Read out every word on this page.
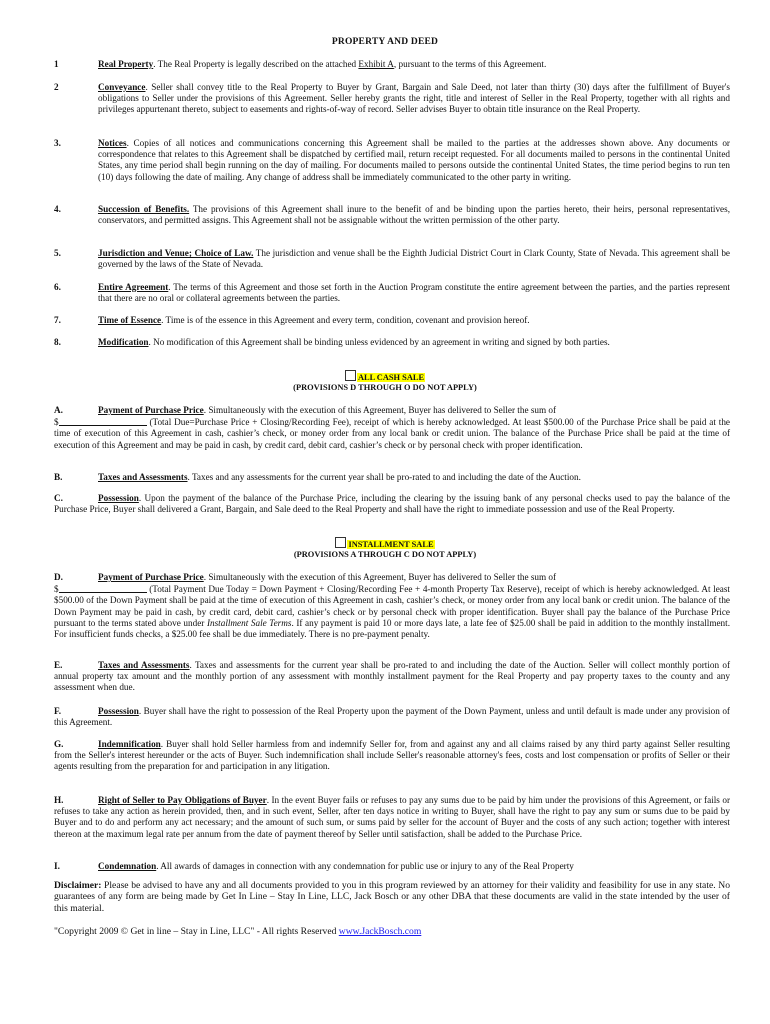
PROPERTY AND DEED
1	Real Property. The Real Property is legally described on the attached Exhibit A, pursuant to the terms of this Agreement.
2	Conveyance. Seller shall convey title to the Real Property to Buyer by Grant, Bargain and Sale Deed, not later than thirty (30) days after the fulfillment of Buyer's obligations to Seller under the provisions of this Agreement. Seller hereby grants the right, title and interest of Seller in the Real Property, together with all rights and privileges appurtenant thereto, subject to easements and rights-of-way of record. Seller advises Buyer to obtain title insurance on the Real Property.
3.	Notices. Copies of all notices and communications concerning this Agreement shall be mailed to the parties at the addresses shown above. Any documents or correspondence that relates to this Agreement shall be dispatched by certified mail, return receipt requested. For all documents mailed to persons in the continental United States, any time period shall begin running on the day of mailing. For documents mailed to persons outside the continental United States, the time period begins to run ten (10) days following the date of mailing. Any change of address shall be immediately communicated to the other party in writing.
4.	Succession of Benefits. The provisions of this Agreement shall inure to the benefit of and be binding upon the parties hereto, their heirs, personal representatives, conservators, and permitted assigns. This Agreement shall not be assignable without the written permission of the other party.
5.	Jurisdiction and Venue; Choice of Law. The jurisdiction and venue shall be the Eighth Judicial District Court in Clark County, State of Nevada. This agreement shall be governed by the laws of the State of Nevada.
6.	Entire Agreement. The terms of this Agreement and those set forth in the Auction Program constitute the entire agreement between the parties, and the parties represent that there are no oral or collateral agreements between the parties.
7.	Time of Essence. Time is of the essence in this Agreement and every term, condition, covenant and provision hereof.
8.	Modification. No modification of this Agreement shall be binding unless evidenced by an agreement in writing and signed by both parties.
ALL CASH SALE
(PROVISIONS D THROUGH O DO NOT APPLY)
A.	Payment of Purchase Price. Simultaneously with the execution of this Agreement, Buyer has delivered to Seller the sum of
$	(Total Due=Purchase Price + Closing/Recording Fee), receipt of which is hereby acknowledged. At least $500.00 of the Purchase Price shall be paid at the time of execution of this Agreement in cash, cashier’s check, or money order from any local bank or credit union. The balance of the Purchase Price shall be paid at the time of execution of this Agreement and may be paid in cash, by credit card, debit card, cashier’s check or by personal check with proper identification.
B.	Taxes and Assessments. Taxes and any assessments for the current year shall be pro-rated to and including the date of the Auction.
C.	Possession. Upon the payment of the balance of the Purchase Price, including the clearing by the issuing bank of any personal checks used to pay the balance of the Purchase Price, Buyer shall delivered a Grant, Bargain, and Sale deed to the Real Property and shall have the right to immediate possession and use of the Real Property.
INSTALLMENT SALE
(PROVISIONS A THROUGH C DO NOT APPLY)
D.	Payment of Purchase Price. Simultaneously with the execution of this Agreement, Buyer has delivered to Seller the sum of
$	(Total Payment Due Today = Down Payment + Closing/Recording Fee + 4-month Property Tax Reserve), receipt of which is hereby acknowledged. At least $500.00 of the Down Payment shall be paid at the time of execution of this Agreement in cash, cashier’s check, or money order from any local bank or credit union. The balance of the Down Payment may be paid in cash, by credit card, debit card, cashier’s check or by personal check with proper identification. Buyer shall pay the balance of the Purchase Price pursuant to the terms stated above under Installment Sale Terms. If any payment is paid 10 or more days late, a late fee of $25.00 shall be paid in addition to the monthly installment. For insufficient funds checks, a $25.00 fee shall be due immediately. There is no pre-payment penalty.
E.	Taxes and Assessments. Taxes and assessments for the current year shall be pro-rated to and including the date of the Auction. Seller will collect monthly portion of annual property tax amount and the monthly portion of any assessment with monthly installment payment for the Real Property and pay property taxes to the county and any assessment when due.
F.	Possession. Buyer shall have the right to possession of the Real Property upon the payment of the Down Payment, unless and until default is made under any provision of this Agreement.
G.	Indemnification. Buyer shall hold Seller harmless from and indemnify Seller for, from and against any and all claims raised by any third party against Seller resulting from the Seller's interest hereunder or the acts of Buyer. Such indemnification shall include Seller's reasonable attorney's fees, costs and lost compensation or profits of Seller or their agents resulting from the preparation for and participation in any litigation.
H.	Right of Seller to Pay Obligations of Buyer. In the event Buyer fails or refuses to pay any sums due to be paid by him under the provisions of this Agreement, or fails or refuses to take any action as herein provided, then, and in such event, Seller, after ten days notice in writing to Buyer, shall have the right to pay any sum or sums due to be paid by Buyer and to do and perform any act necessary; and the amount of such sum, or sums paid by seller for the account of Buyer and the costs of any such action; together with interest thereon at the maximum legal rate per annum from the date of payment thereof by Seller until satisfaction, shall be added to the Purchase Price.
I.	Condemnation. All awards of damages in connection with any condemnation for public use or injury to any of the Real Property
Disclaimer: Please be advised to have any and all documents provided to you in this program reviewed by an attorney for their validity and feasibility for use in any state. No guarantees of any form are being made by Get In Line – Stay In Line, LLC, Jack Bosch or any other DBA that these documents are valid in the state intended by the user of this material.
"Copyright 2009 © Get in line – Stay in Line, LLC" - All rights Reserved www.JackBosch.com
